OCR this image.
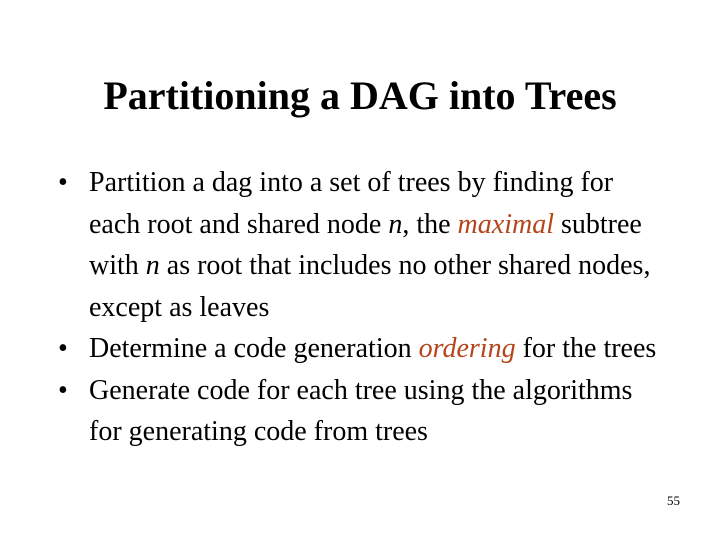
Partitioning a DAG into Trees
• Partition a dag into a set of trees by finding for each root and shared node n, the maximal subtree with n as root that includes no other shared nodes, except as leaves
• Determine a code generation ordering for the trees
• Generate code for each tree using the algorithms for generating code from trees
55
